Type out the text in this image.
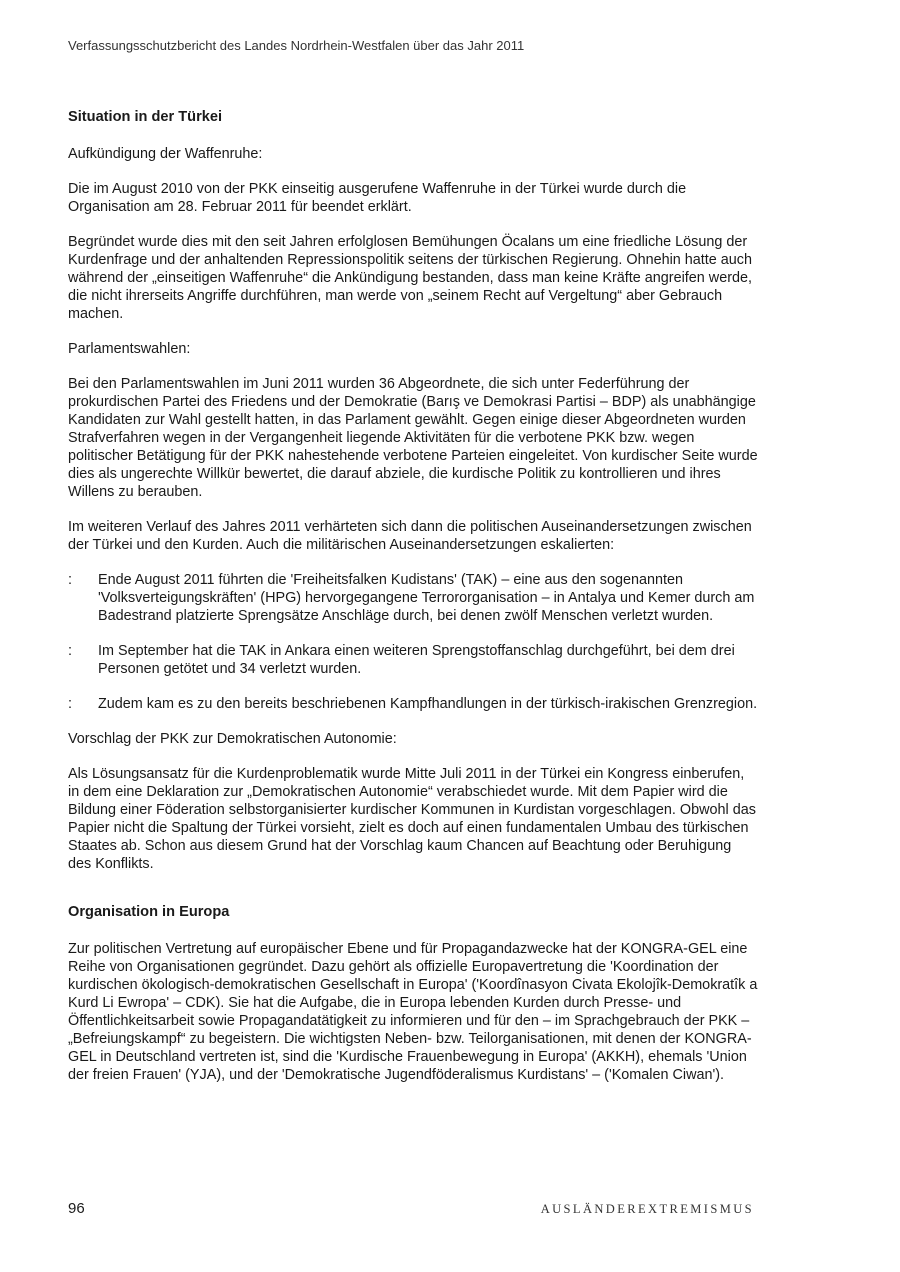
Verfassungsschutzbericht des Landes Nordrhein-Westfalen über das Jahr 2011
Situation in der Türkei

Aufkündigung der Waffenruhe:

Die im August 2010 von der PKK einseitig ausgerufene Waffenruhe in der Türkei wurde durch die Organisation am 28. Februar 2011 für beendet erklärt.

Begründet wurde dies mit den seit Jahren erfolglosen Bemühungen Öcalans um eine friedliche Lösung der Kurdenfrage und der anhaltenden Repressionspolitik seitens der türkischen Regierung. Ohnehin hatte auch während der „einseitigen Waffenruhe“ die Ankündigung bestanden, dass man keine Kräfte angreifen werde, die nicht ihrerseits Angriffe durchführen, man werde von „seinem Recht auf Vergeltung“ aber Gebrauch machen.

Parlamentswahlen:

Bei den Parlamentswahlen im Juni 2011 wurden 36 Abgeordnete, die sich unter Federführung der prokurdischen Partei des Friedens und der Demokratie (Barış ve Demokrasi Partisi – BDP) als unabhängige Kandidaten zur Wahl gestellt hatten, in das Parlament gewählt. Gegen einige dieser Abgeordneten wurden Strafverfahren wegen in der Vergangenheit liegende Aktivitäten für die verbotene PKK bzw. wegen politischer Betätigung für der PKK nahestehende verbotene Parteien eingeleitet. Von kurdischer Seite wurde dies als ungerechte Willkür bewertet, die darauf abziele, die kurdische Politik zu kontrollieren und ihres Willens zu berauben.

Im weiteren Verlauf des Jahres 2011 verhärteten sich dann die politischen Auseinandersetzungen zwischen der Türkei und den Kurden. Auch die militärischen Auseinandersetzungen eskalierten:

: Ende August 2011 führten die 'Freiheitsfalken Kudistans' (TAK) – eine aus den sogenannten 'Volksverteigungskräften' (HPG) hervorgegangene Terrororganisation – in Antalya und Kemer durch am Badestrand platzierte Sprengsätze Anschläge durch, bei denen zwölf Menschen verletzt wurden.
: Im September hat die TAK in Ankara einen weiteren Sprengstoffanschlag durchgeführt, bei dem drei Personen getötet und 34 verletzt wurden.
: Zudem kam es zu den bereits beschriebenen Kampfhandlungen in der türkisch-irakischen Grenzregion.

Vorschlag der PKK zur Demokratischen Autonomie:

Als Lösungsansatz für die Kurdenproblematik wurde Mitte Juli 2011 in der Türkei ein Kongress einberufen, in dem eine Deklaration zur „Demokratischen Autonomie“ verabschiedet wurde. Mit dem Papier wird die Bildung einer Föderation selbstorganisierter kurdischer Kommunen in Kurdistan vorgeschlagen. Obwohl das Papier nicht die Spaltung der Türkei vorsieht, zielt es doch auf einen fundamentalen Umbau des türkischen Staates ab. Schon aus diesem Grund hat der Vorschlag kaum Chancen auf Beachtung oder Beruhigung des Konflikts.

Organisation in Europa

Zur politischen Vertretung auf europäischer Ebene und für Propagandazwecke hat der KONGRA-GEL eine Reihe von Organisationen gegründet. Dazu gehört als offizielle Europavertretung die 'Koordination der kurdischen ökologisch-demokratischen Gesellschaft in Europa' ('Koordînasyon Civata Ekolojîk-Demokratîk a Kurd Li Ewropa' – CDK). Sie hat die Aufgabe, die in Europa lebenden Kurden durch Presse- und Öffentlichkeitsarbeit sowie Propagandatätigkeit zu informieren und für den – im Sprachgebrauch der PKK – „Befreiungskampf“ zu begeistern. Die wichtigsten Neben- bzw. Teilorganisationen, mit denen der KONGRA-GEL in Deutschland vertreten ist, sind die 'Kurdische Frauenbewegung in Europa' (AKKH), ehemals 'Union der freien Frauen' (YJA), und der 'Demokratische Jugendföderalismus Kurdistans' – ('Komalen Ciwan').

96	AUSLÄNDEREXTREMISMUS
